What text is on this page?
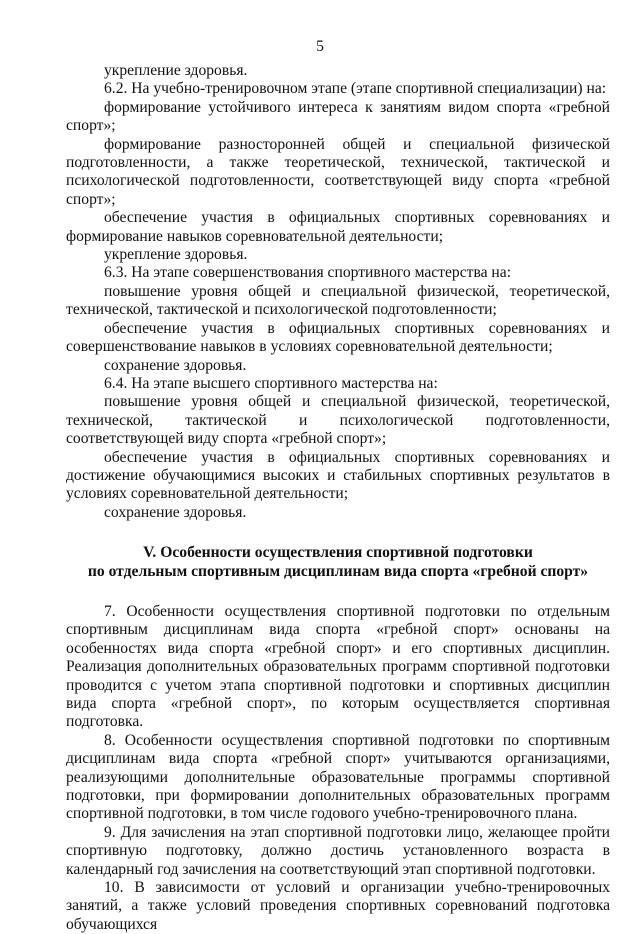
5

укрепление здоровья.

6.2. На учебно-тренировочном этапе (этапе спортивной специализации) на:

формирование устойчивого интереса к занятиям видом спорта «гребной спорт»;

формирование разносторонней общей и специальной физической подготовленности, а также теоретической, технической, тактической и психологической подготовленности, соответствующей виду спорта «гребной спорт»;

обеспечение участия в официальных спортивных соревнованиях и формирование навыков соревновательной деятельности;

укрепление здоровья.

6.3. На этапе совершенствования спортивного мастерства на:

повышение уровня общей и специальной физической, теоретической, технической, тактической и психологической подготовленности;

обеспечение участия в официальных спортивных соревнованиях и совершенствование навыков в условиях соревновательной деятельности;

сохранение здоровья.

6.4. На этапе высшего спортивного мастерства на:

повышение уровня общей и специальной физической, теоретической, технической, тактической и психологической подготовленности, соответствующей виду спорта «гребной спорт»;

обеспечение участия в официальных спортивных соревнованиях и достижение обучающимися высоких и стабильных спортивных результатов в условиях соревновательной деятельности;

сохранение здоровья.

V. Особенности осуществления спортивной подготовки
по отдельным спортивным дисциплинам вида спорта «гребной спорт»

7. Особенности осуществления спортивной подготовки по отдельным спортивным дисциплинам вида спорта «гребной спорт» основаны на особенностях вида спорта «гребной спорт» и его спортивных дисциплин. Реализация дополнительных образовательных программ спортивной подготовки проводится с учетом этапа спортивной подготовки и спортивных дисциплин вида спорта «гребной спорт», по которым осуществляется спортивная подготовка.

8. Особенности осуществления спортивной подготовки по спортивным дисциплинам вида спорта «гребной спорт» учитываются организациями, реализующими дополнительные образовательные программы спортивной подготовки, при формировании дополнительных образовательных программ спортивной подготовки, в том числе годового учебно-тренировочного плана.

9. Для зачисления на этап спортивной подготовки лицо, желающее пройти спортивную подготовку, должно достичь установленного возраста в календарный год зачисления на соответствующий этап спортивной подготовки.

10. В зависимости от условий и организации учебно-тренировочных занятий, а также условий проведения спортивных соревнований подготовка обучающихся
